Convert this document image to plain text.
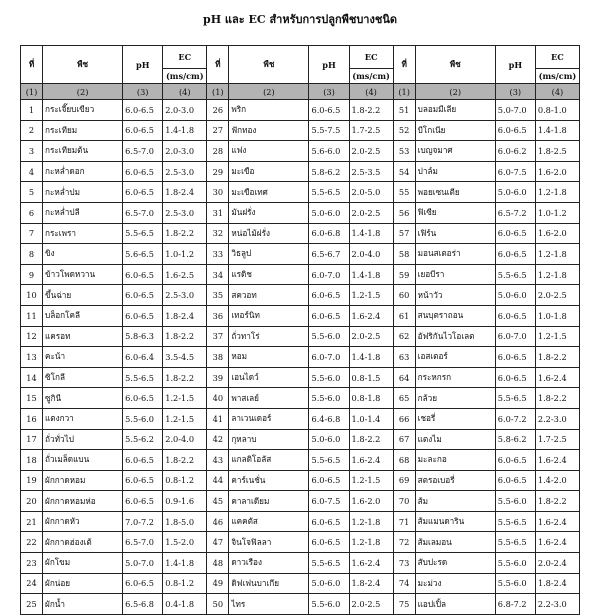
pH และ EC สำหรับการปลูกพืชบางชนิด
ที่	พืช	pH	EC	ที่	พืช	pH	EC	ที่	พืช	pH	EC
			(ms/cm)				(ms/cm)				(ms/cm)
(1)	(2)	(3)	(4)	(1)	(2)	(3)	(4)	(1)	(2)	(3)	(4)
1	กระเจี๊ยบเขียว	6.0-6.5	2.0-3.0	26	พริก	6.0-6.5	1.8-2.2	51	บลอมมีเลีย	5.0-7.0	0.8-1.0
2	กระเทียม	6.0-6.5	1.4-1.8	27	ฟักทอง	5.5-7.5	1.7-2.5	52	บีโกเนีย	6.0-6.5	1.4-1.8
3	กระเทียมต้น	6.5-7.0	2.0-3.0	28	แฟง	5.6-6.0	2.0-2.5	53	เบญจมาศ	6.0-6.2	1.8-2.5
4	กะหล่ำดอก	6.0-6.5	2.5-3.0	29	มะเขือ	5.8-6.2	2.5-3.5	54	ปาล์ม	6.0-7.5	1.6-2.0
5	กะหล่ำปม	6.0-6.5	1.8-2.4	30	มะเขือเทศ	5.5-6.5	2.0-5.0	55	พอยเซนเตีย	5.0-6.0	1.2-1.8
6	กะหล่ำปลี	6.5-7.0	2.5-3.0	31	มันฝรั่ง	5.0-6.0	2.0-2.5	56	ฟิเซีย	6.5-7.2	1.0-1.2
7	กระเพรา	5.5-6.5	1.8-2.2	32	หน่อไม้ฝรั่ง	6.0-6.8	1.4-1.8	57	เฟิร์น	6.0-6.5	1.6-2.0
8	ขิง	5.6-6.5	1.0-1.2	33	วิธลูป	6.5-6.7	2.0-4.0	58	มอนสเตอร่า	6.0-6.5	1.2-1.8
9	ข้าวโพดหวาน	6.0-6.5	1.6-2.5	34	แรดิช	6.0-7.0	1.4-1.8	59	เยอบีรา	5.5-6.5	1.2-1.8
10	ขึ้นฉ่าย	6.0-6.5	2.5-3.0	35	สควอท	6.0-6.5	1.2-1.5	60	หน้าวัว	5.0-6.0	2.0-2.5
11	บล็อกโคลี	6.0-6.5	1.8-2.4	36	เทอร์นิท	6.0-6.5	1.6-2.4	61	สนบฺตราถอน	6.0-6.5	1.0-1.8
12	แครอท	5.8-6.3	1.8-2.2	37	ถั่วทาโร่	5.5-6.0	2.0-2.5	62	อัฟริกันไวโอเลต	6.0-7.0	1.2-1.5
13	คะน้า	6.0-6.4	3.5-4.5	38	หอม	6.0-7.0	1.4-1.8	63	เอสเตอร์	6.0-6.5	1.8-2.2
14	ซิโกลี	5.5-6.5	1.8-2.2	39	เอนไดว์	5.5-6.0	0.8-1.5	64	กระหกรก	6.0-6.5	1.6-2.4
15	ซูกินี	6.0-6.5	1.2-1.5	40	พาสเลย์	5.5-6.0	0.8-1.8	65	กล้วย	5.5-6.5	1.8-2.2
16	แตงกวา	5.5-6.0	1.2-1.5	41	ลาเวนเดอร์	6.4-6.8	1.0-1.4	66	เชอรี่	6.0-7.2	2.2-3.0
17	ถั่วทั่วไป	5.5-6.2	2.0-4.0	42	กุหลาบ	5.0-6.0	1.8-2.2	67	แตงไม	5.8-6.2	1.7-2.5
18	ถั่วเมล็ดแบน	6.0-6.5	1.8-2.2	43	แกลดิโอลัส	5.5-6.5	1.6-2.4	68	มะละกอ	6.0-6.5	1.6-2.4
19	ผักกาดหอม	6.0-6.5	0.8-1.2	44	คาร์เนชั่น	6.0-6.5	1.2-1.5	69	สตรอเบอรี่	6.0-6.5	1.4-2.0
20	ผักกาดหอมห่อ	6.0-6.5	0.9-1.6	45	คาลาเดียม	6.0-7.5	1.6-2.0	70	ส้ม	5.5-6.0	1.8-2.2
21	ผักกาดหัว	7.0-7.2	1.8-5.0	46	แคคตัส	6.0-6.5	1.2-1.8	71	ส้มแมนดาริน	5.5-6.5	1.6-2.4
22	ผักกาดฮ่องเต้	6.5-7.0	1.5-2.0	47	จินโจฟิลลา	6.0-6.5	1.2-1.8	72	ส้มเลมอน	5.5-6.5	1.6-2.4
23	ผักโขม	5.0-7.0	1.4-1.8	48	ดาวเรือง	5.5-6.5	1.6-2.4	73	สับปะรด	5.5-6.0	2.0-2.4
24	ผักน่อย	6.0-6.5	0.8-1.2	49	ดิฟเฟนบาเกีย	5.0-6.0	1.8-2.4	74	มะม่วง	5.5-6.0	1.8-2.4
25	ผักน้ำ	6.5-6.8	0.4-1.8	50	ไทร	5.5-6.0	2.0-2.5	75	แอปเปิ้ล	6.8-7.2	2.2-3.0
